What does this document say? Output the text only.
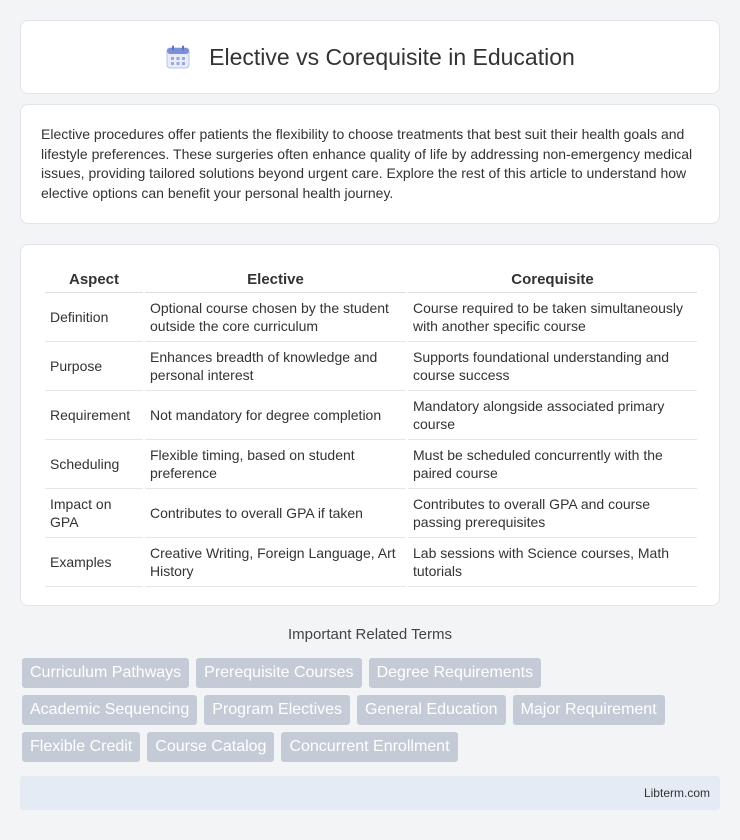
Elective vs Corequisite in Education

Elective procedures offer patients the flexibility to choose treatments that best suit their health goals and lifestyle preferences. These surgeries often enhance quality of life by addressing non-emergency medical issues, providing tailored solutions beyond urgent care. Explore the rest of this article to understand how elective options can benefit your personal health journey.

Aspect	Elective	Corequisite
Definition	Optional course chosen by the student outside the core curriculum	Course required to be taken simultaneously with another specific course
Purpose	Enhances breadth of knowledge and personal interest	Supports foundational understanding and course success
Requirement	Not mandatory for degree completion	Mandatory alongside associated primary course
Scheduling	Flexible timing, based on student preference	Must be scheduled concurrently with the paired course
Impact on GPA	Contributes to overall GPA if taken	Contributes to overall GPA and course passing prerequisites
Examples	Creative Writing, Foreign Language, Art History	Lab sessions with Science courses, Math tutorials
Important Related Terms
Curriculum Pathways	Prerequisite Courses	Degree Requirements
Academic Sequencing	Program Electives	General Education	Major Requirement
Flexible Credit	Course Catalog	Concurrent Enrollment
Libterm.com
